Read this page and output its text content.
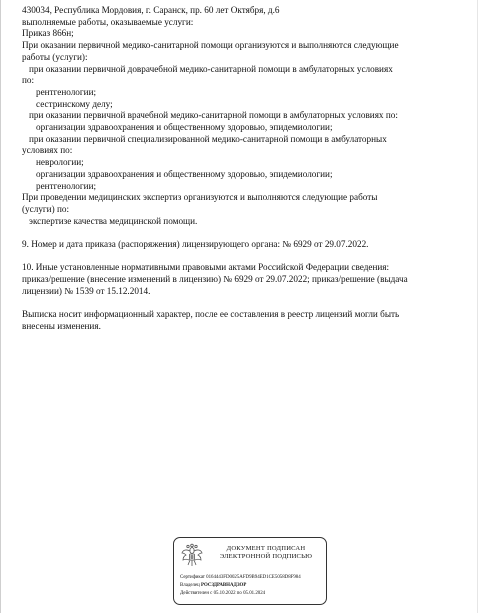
430034, Республика Мордовия, г. Саранск, пр. 60 лет Октября, д.6
выполняемые работы, оказываемые услуги:
Приказ 866н;
При оказании первичной медико-санитарной помощи организуются и выполняются следующие
работы (услуги):
при оказании первичной доврачебной медико-санитарной помощи в амбулаторных условиях
по:
рентгенологии;
сестринскому делу;
при оказании первичной врачебной медико-санитарной помощи в амбулаторных условиях по:
организации здравоохранения и общественному здоровью, эпидемиологии;
при оказании первичной специализированной медико-санитарной помощи в амбулаторных
условиях по:
неврологии;
организации здравоохранения и общественному здоровью, эпидемиологии;
рентгенологии;
При проведении медицинских экспертиз организуются и выполняются следующие работы
(услуги) по:
экспертизе качества медицинской помощи.
9. Номер и дата приказа (распоряжения) лицензирующего органа: № 6929 от 29.07.2022.
10. Иные установленные нормативными правовыми актами Российской Федерации сведения:
приказ/решение (внесение изменений в лицензию) № 6929 от 29.07.2022; приказ/решение (выдача
лицензии) № 1539 от 15.12.2014.
Выписка носит информационный характер, после ее составления в реестр лицензий могли быть
внесены изменения.
ДОКУМЕНТ ПОДПИСАН
ЭЛЕКТРОННОЙ ПОДПИСЬЮ
Сертификат 0164443FD0025AFD9B94ED1CE5058D8F984
Владелец РОСЗДРАВНАДЗОР
Действителен с 05.10.2022 по 05.01.2024
